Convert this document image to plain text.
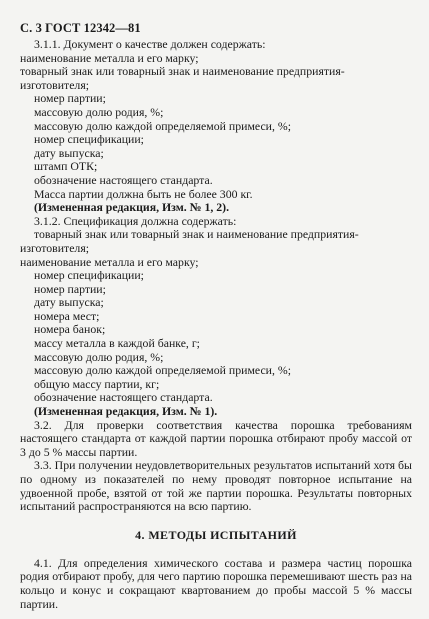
С. 3 ГОСТ 12342—81

3.1.1. Документ о качестве должен содержать:

наименование металла и его марку;

товарный знак или товарный знак и наименование предприятия-

изготовителя;

номер партии;

массовую долю родия, %;

массовую долю каждой определяемой примеси, %;

номер спецификации;

дату выпуска;

штамп ОТК;

обозначение настоящего стандарта.

Масса партии должна быть не более 300 кг.

(Измененная редакция, Изм. № 1, 2).

3.1.2. Спецификация должна содержать:

товарный знак или товарный знак и наименование предприятия-

изготовителя;

наименование металла и его марку;

номер спецификации;

номер партии;

дату выпуска;

номера мест;

номера банок;

массу металла в каждой банке, г;

массовую долю родия, %;

массовую долю каждой определяемой примеси, %;

общую массу партии, кг;

обозначение настоящего стандарта.

(Измененная редакция, Изм. № 1).

3.2. Для проверки соответствия качества порошка требованиям настоящего стандарта от каждой партии порошка отбирают пробу массой от 3 до 5 % массы партии.

3.3. При получении неудовлетворительных результатов испытаний хотя бы по одному из показателей по нему проводят повторное испытание на удвоенной пробе, взятой от той же партии порошка. Результаты повторных испытаний распространяются на всю партию.

4. МЕТОДЫ ИСПЫТАНИЙ

4.1. Для определения химического состава и размера частиц порошка родия отбирают пробу, для чего партию порошка перемешивают шесть раз на кольцо и конус и сокращают квартованием до пробы массой 5 % массы партии.
